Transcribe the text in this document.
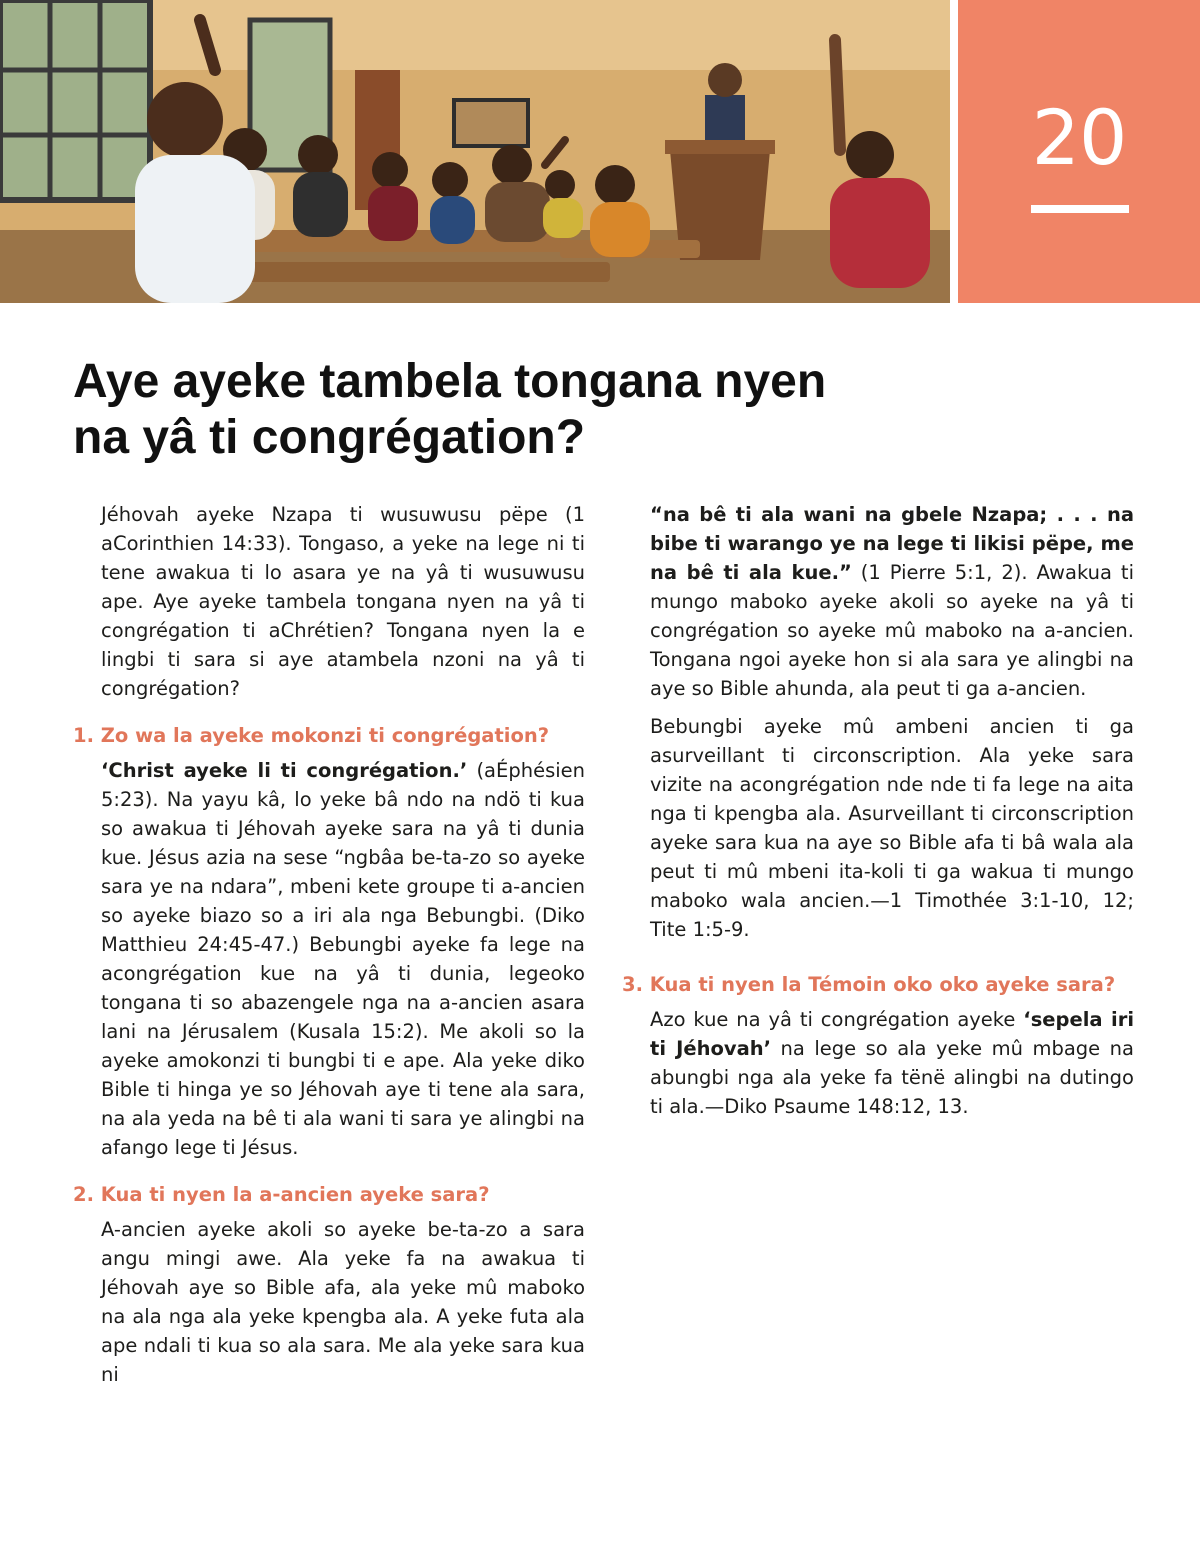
20
Aye ayeke tambela tongana nyen
na yâ ti congrégation?

Jéhovah ayeke Nzapa ti wusuwusu pëpe (1 aCorinthien 14:33). Tongaso, a yeke na lege ni ti tene awakua ti lo asara ye na yâ ti wusuwusu ape. Aye ayeke tambela tongana nyen na yâ ti congrégation ti aChrétien? Tongana nyen la e lingbi ti sara si aye atambela nzoni na yâ ti congrégation?

1. Zo wa la ayeke mokonzi ti congrégation?

‘Christ ayeke li ti congrégation.’ (aÉphésien 5:23). Na yayu kâ, lo yeke bâ ndo na ndö ti kua so awakua ti Jéhovah ayeke sara na yâ ti dunia kue. Jésus azia na sese “ngbâa be-ta-zo so ayeke sara ye na ndara”, mbeni kete groupe ti a-ancien so ayeke biazo so a iri ala nga Bebungbi. (Diko Matthieu 24:45-47.) Bebungbi ayeke fa lege na acongrégation kue na yâ ti dunia, legeoko tongana ti so abazengele nga na a-ancien asara lani na Jérusalem (Kusala 15:2). Me akoli so la ayeke amokonzi ti bungbi ti e ape. Ala yeke diko Bible ti hinga ye so Jéhovah aye ti tene ala sara, na ala yeda na bê ti ala wani ti sara ye alingbi na afango lege ti Jésus.

2. Kua ti nyen la a-ancien ayeke sara?

A-ancien ayeke akoli so ayeke be-ta-zo a sara angu mingi awe. Ala yeke fa na awakua ti Jéhovah aye so Bible afa, ala yeke mû maboko na ala nga ala yeke kpengba ala. A yeke futa ala ape ndali ti kua so ala sara. Me ala yeke sara kua ni

“na bê ti ala wani na gbele Nzapa; . . . na bibe ti warango ye na lege ti likisi pëpe, me na bê ti ala kue.” (1 Pierre 5:1, 2). Awakua ti mungo maboko ayeke akoli so ayeke na yâ ti congrégation so ayeke mû maboko na a-ancien. Tongana ngoi ayeke hon si ala sara ye alingbi na aye so Bible ahunda, ala peut ti ga a-ancien.

Bebungbi ayeke mû ambeni ancien ti ga asurveillant ti circonscription. Ala yeke sara vizite na acongrégation nde nde ti fa lege na aita nga ti kpengba ala. Asurveillant ti circonscription ayeke sara kua na aye so Bible afa ti bâ wala ala peut ti mû mbeni ita-koli ti ga wakua ti mungo maboko wala ancien.—1 Timothée 3:1-10, 12; Tite 1:5-9.

3. Kua ti nyen la Témoin oko oko ayeke sara?

Azo kue na yâ ti congrégation ayeke ‘sepela iri ti Jéhovah’ na lege so ala yeke mû mbage na abungbi nga ala yeke fa tënë alingbi na dutingo ti ala.—Diko Psaume 148:12, 13.
